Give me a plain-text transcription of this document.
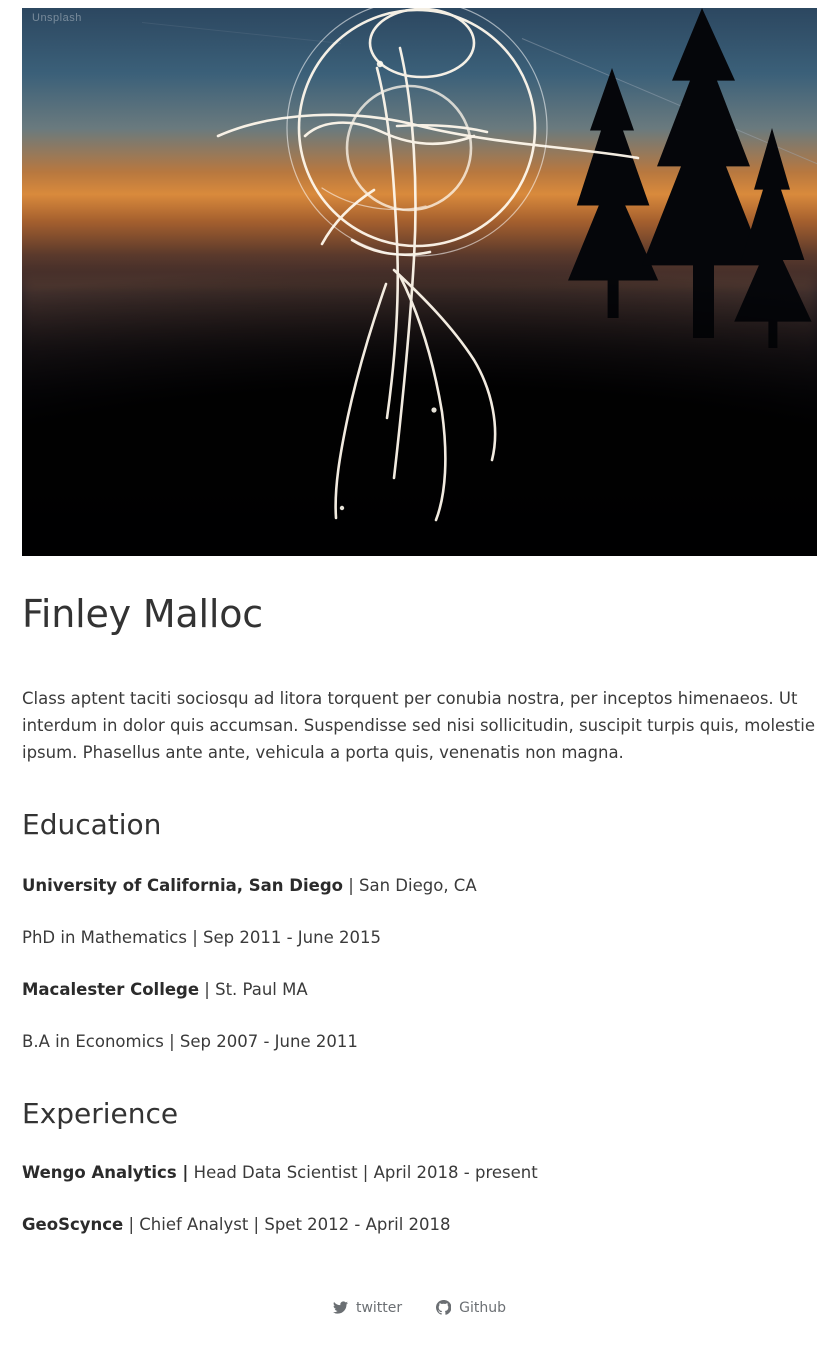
Unsplash
Finley Malloc

Class aptent taciti sociosqu ad litora torquent per conubia nostra, per inceptos himenaeos. Ut interdum in dolor quis accumsan. Suspendisse sed nisi sollicitudin, suscipit turpis quis, molestie ipsum. Phasellus ante ante, vehicula a porta quis, venenatis non magna.

Education
University of California, San Diego | San Diego, CA
PhD in Mathematics | Sep 2011 - June 2015
Macalester College | St. Paul MA
B.A in Economics | Sep 2007 - June 2011
Experience
Wengo Analytics | Head Data Scientist | April 2018 - present
GeoScynce | Chief Analyst | Spet 2012 - April 2018
twitter	Github
